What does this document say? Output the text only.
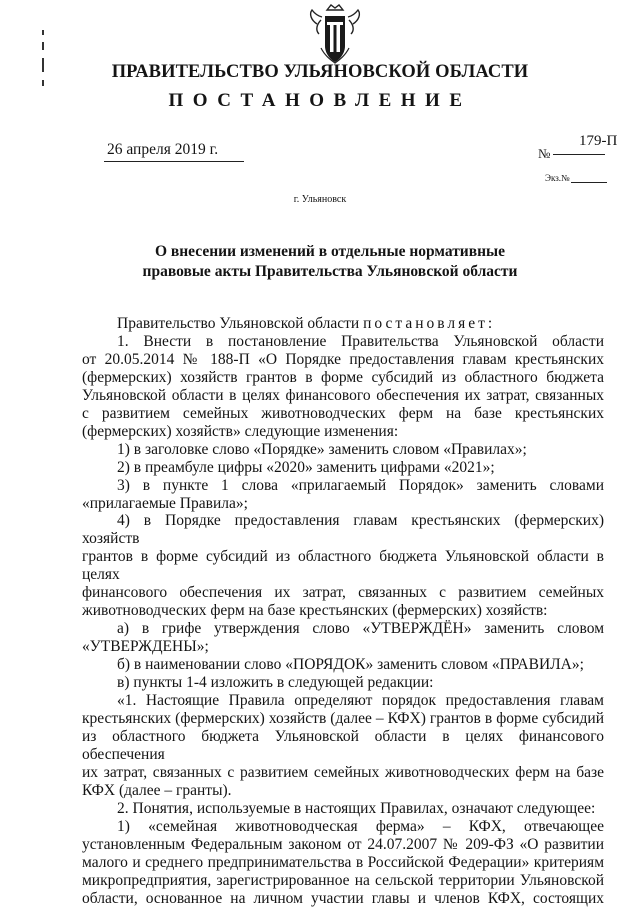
ПРАВИТЕЛЬСТВО УЛЬЯНОВСКОЙ ОБЛАСТИ
ПОСТАНОВЛЕНИЕ
26 апреля 2019 г.	№
179-П
Экз.№
г. Ульяновск
О внесении изменений в отдельные нормативные
правовые акты Правительства Ульяновской области
Правительство Ульяновской области постановляет:
1. Внести в постановление Правительства Ульяновской области
от 20.05.2014 № 188-П «О Порядке предоставления главам крестьянских
(фермерских) хозяйств грантов в форме субсидий из областного бюджета
Ульяновской области в целях финансового обеспечения их затрат, связанных
с развитием семейных животноводческих ферм на базе крестьянских
(фермерских) хозяйств» следующие изменения:
1) в заголовке слово «Порядке» заменить словом «Правилах»;
2) в преамбуле цифры «2020» заменить цифрами «2021»;
3) в пункте 1 слова «прилагаемый Порядок» заменить словами
«прилагаемые Правила»;
4) в Порядке предоставления главам крестьянских (фермерских) хозяйств
грантов в форме субсидий из областного бюджета Ульяновской области в целях
финансового обеспечения их затрат, связанных с развитием семейных
животноводческих ферм на базе крестьянских (фермерских) хозяйств:
а) в грифе утверждения слово «УТВЕРЖДЁН» заменить словом
«УТВЕРЖДЕНЫ»;
б) в наименовании слово «ПОРЯДОК» заменить словом «ПРАВИЛА»;
в) пункты 1-4 изложить в следующей редакции:
«1. Настоящие Правила определяют порядок предоставления главам
крестьянских (фермерских) хозяйств (далее – КФХ) грантов в форме субсидий
из областного бюджета Ульяновской области в целях финансового обеспечения
их затрат, связанных с развитием семейных животноводческих ферм на базе
КФХ (далее – гранты).
2. Понятия, используемые в настоящих Правилах, означают следующее:
1) «семейная животноводческая ферма» – КФХ, отвечающее
установленным Федеральным законом от 24.07.2007 № 209-ФЗ «О развитии
малого и среднего предпринимательства в Российской Федерации» критериям
микропредприятия, зарегистрированное на сельской территории Ульяновской
области, основанное на личном участии главы и членов КФХ, состоящих
